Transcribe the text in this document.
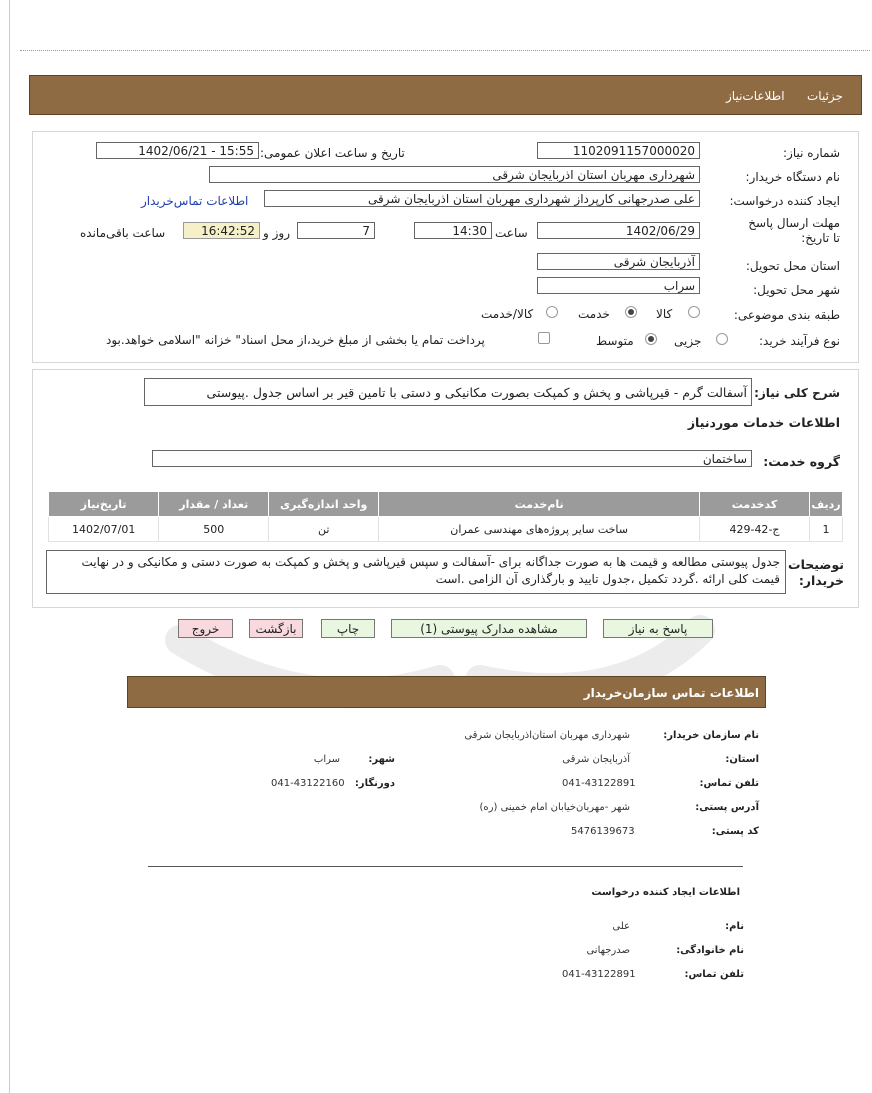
جزئیات
اطلاعات‌نیاز
شماره نیاز:
1102091157000020
تاریخ و ساعت اعلان عمومی:
1402/06/21 - 15:55
نام دستگاه خریدار:
شهرداری مهربان استان اذربایجان شرقی
ایجاد کننده درخواست:
علی صدرجهانی کارپرداز شهرداری مهربان استان اذربایجان شرقی
اطلاعات تماس‌خریدار
مهلت ارسال پاسخ تا تاریخ:
1402/06/29
ساعت
14:30
7
روز و
16:42:52
ساعت باقی‌مانده
استان محل تحویل:
آذربایجان شرقی
شهر محل تحویل:
سراب
طبقه بندی موضوعی:
کالا
خدمت
کالا/خدمت
نوع فرآیند خرید:
جزیی
متوسط
پرداخت تمام یا بخشی از مبلغ خرید،از محل اسناد" خزانه "اسلامی خواهد.بود
شرح کلی نیاز:
آسفالت گرم - قیرپاشی و پخش و کمپکت بصورت مکانیکی و دستی با تامین قیر بر اساس جدول .پیوستی
اطلاعات خدمات موردنیاز
گروه خدمت:
ساختمان
ردیف	کدخدمت	نام‌خدمت	واحد اندازه‌گیری	تعداد / مقدار	تاریخ‌نیاز
1	ج-42-429	ساخت سایر پروژه‌های مهندسی عمران	تن	500	1402/07/01
توضیحات خریدار:
جدول پیوستی مطالعه و قیمت ها به صورت جداگانه برای -آسفالت و سپس قیرپاشی و پخش و کمپکت به صورت دستی و مکانیکی و در نهایت قیمت کلی ارائه .گردد تکمیل ،جدول تایید و بارگذاری آن الزامی .است
پاسخ به نیاز
مشاهده مدارک پیوستی (1)
چاپ
بازگشت
خروج
اطلاعات تماس سازمان‌خریدار
نام سازمان خریدار:
شهرداری مهربان استان‌اذربایجان شرقی
استان:
آذربایجان شرقی
شهر:
سراب
تلفن تماس:
041-43122891
دورنگار:
041-43122160
آدرس پستی:
شهر -مهربان‌خیابان امام خمینی (ره)
کد پستی:
5476139673
اطلاعات ایجاد کننده درخواست
نام:
علی
نام خانوادگی:
صدرجهانی
تلفن تماس:
041-43122891
